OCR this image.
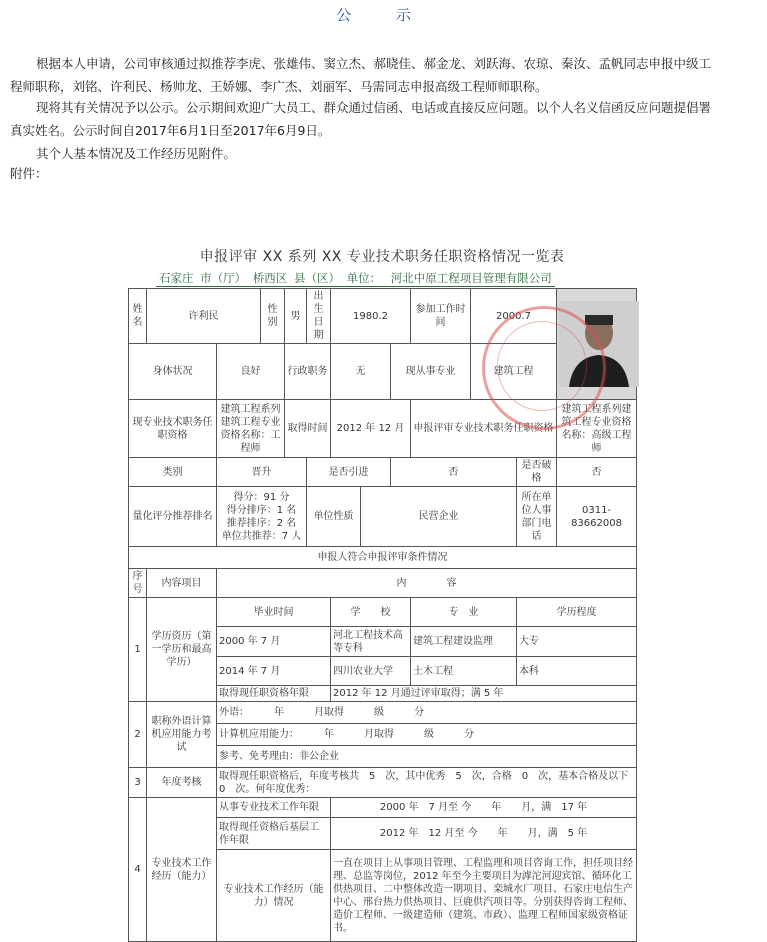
公 示
根据本人申请，公司审核通过拟推荐李虎、张雄伟、窦立杰、郝晓佳、郝金龙、刘跃海、农琼、秦汝、孟帆同志申报中级工程师职称，刘铭、许利民、杨帅龙、王娇娜、李广杰、刘丽军、马需同志申报高级工程师师职称。
现将其有关情况予以公示。公示期间欢迎广大员工、群众通过信函、电话或直接反应问题。以个人名义信函反应问题提倡署真实姓名。公示时间自2017年6月1日至2017年6月9日。
其个人基本情况及工作经历见附件。
附件：
申报评审 XX 系列 XX 专业技术职务任职资格情况一览表
石家庄 市（厅） 桥西区 县（区） 单位： 河北中原工程项目管理有限公司
姓名	许利民		性别	男	出生日期	1980.2			参加工作时间	2000.7	

身体状况		良好		行政职务		无		现从事专业		建筑工程			
现专业技术职务任职资格		建筑工程系列建筑工程专业资格名称：工程师		取得时间		2012 年 12 月			申报评审专业技术职务任职资格			建筑工程系列建筑工程专业资格名称：高级工程师	
类别		晋升			是否引进			否			是否破格	否	
量化评分推荐排名		得分：91 分
得分排序：1 名
推荐排序：2 名
单位共推荐：7 人			单位性质		民营企业				所在单位人事部门电话	0311-83662008	
申报人符合申报评审条件情况													
序号	内容项目	内　　　　容											
1	学历资历（第一学历和最高学历）	毕业时间				学　　校			专　业		学历程度	
		2000 年 7 月				河北工程技术高等专科			建筑工程建设监理		大专	
		2014 年 7 月				四川农业大学			土木工程		本科	
		取得现任职资格年限				2012 年 12 月通过评审取得；满 5 年							
2	职称外语计算机应用能力考试	外语：　　　年　　　月取得　　　级　　　分											
		计算机应用能力：　　　年　　　月取得　　　级　　　分											
		参考、免考理由：非公企业											
3	年度考核	取得现任职资格后，年度考核共　5　次，其中优秀　5　次，合格　0　次，基本合格及以下　0　次。何年度优秀：											
4	专业技术工作经历（能力）	从事专业技术工作年限				2000 年　7 月至 今　　年　　月，满　17 年							
		取得现任资格后基层工作年限				2012 年　12 月至 今　　年　　月，满　5 年							
		专业技术工作经历（能力）情况				一直在项目上从事项目管理、工程监理和项目咨询工作，担任项目经理、总监等岗位，2012 年至今主要项目为滹沱河迎宾馆、循环化工供热项目、二中整体改造一期项目、栾城水厂项目、石家庄电信生产中心、邢台热力供热项目、巨鹿供汽项目等。分别获得咨询工程师、造价工程师、一级建造师（建筑、市政）、监理工程师国家级资格证书。							
